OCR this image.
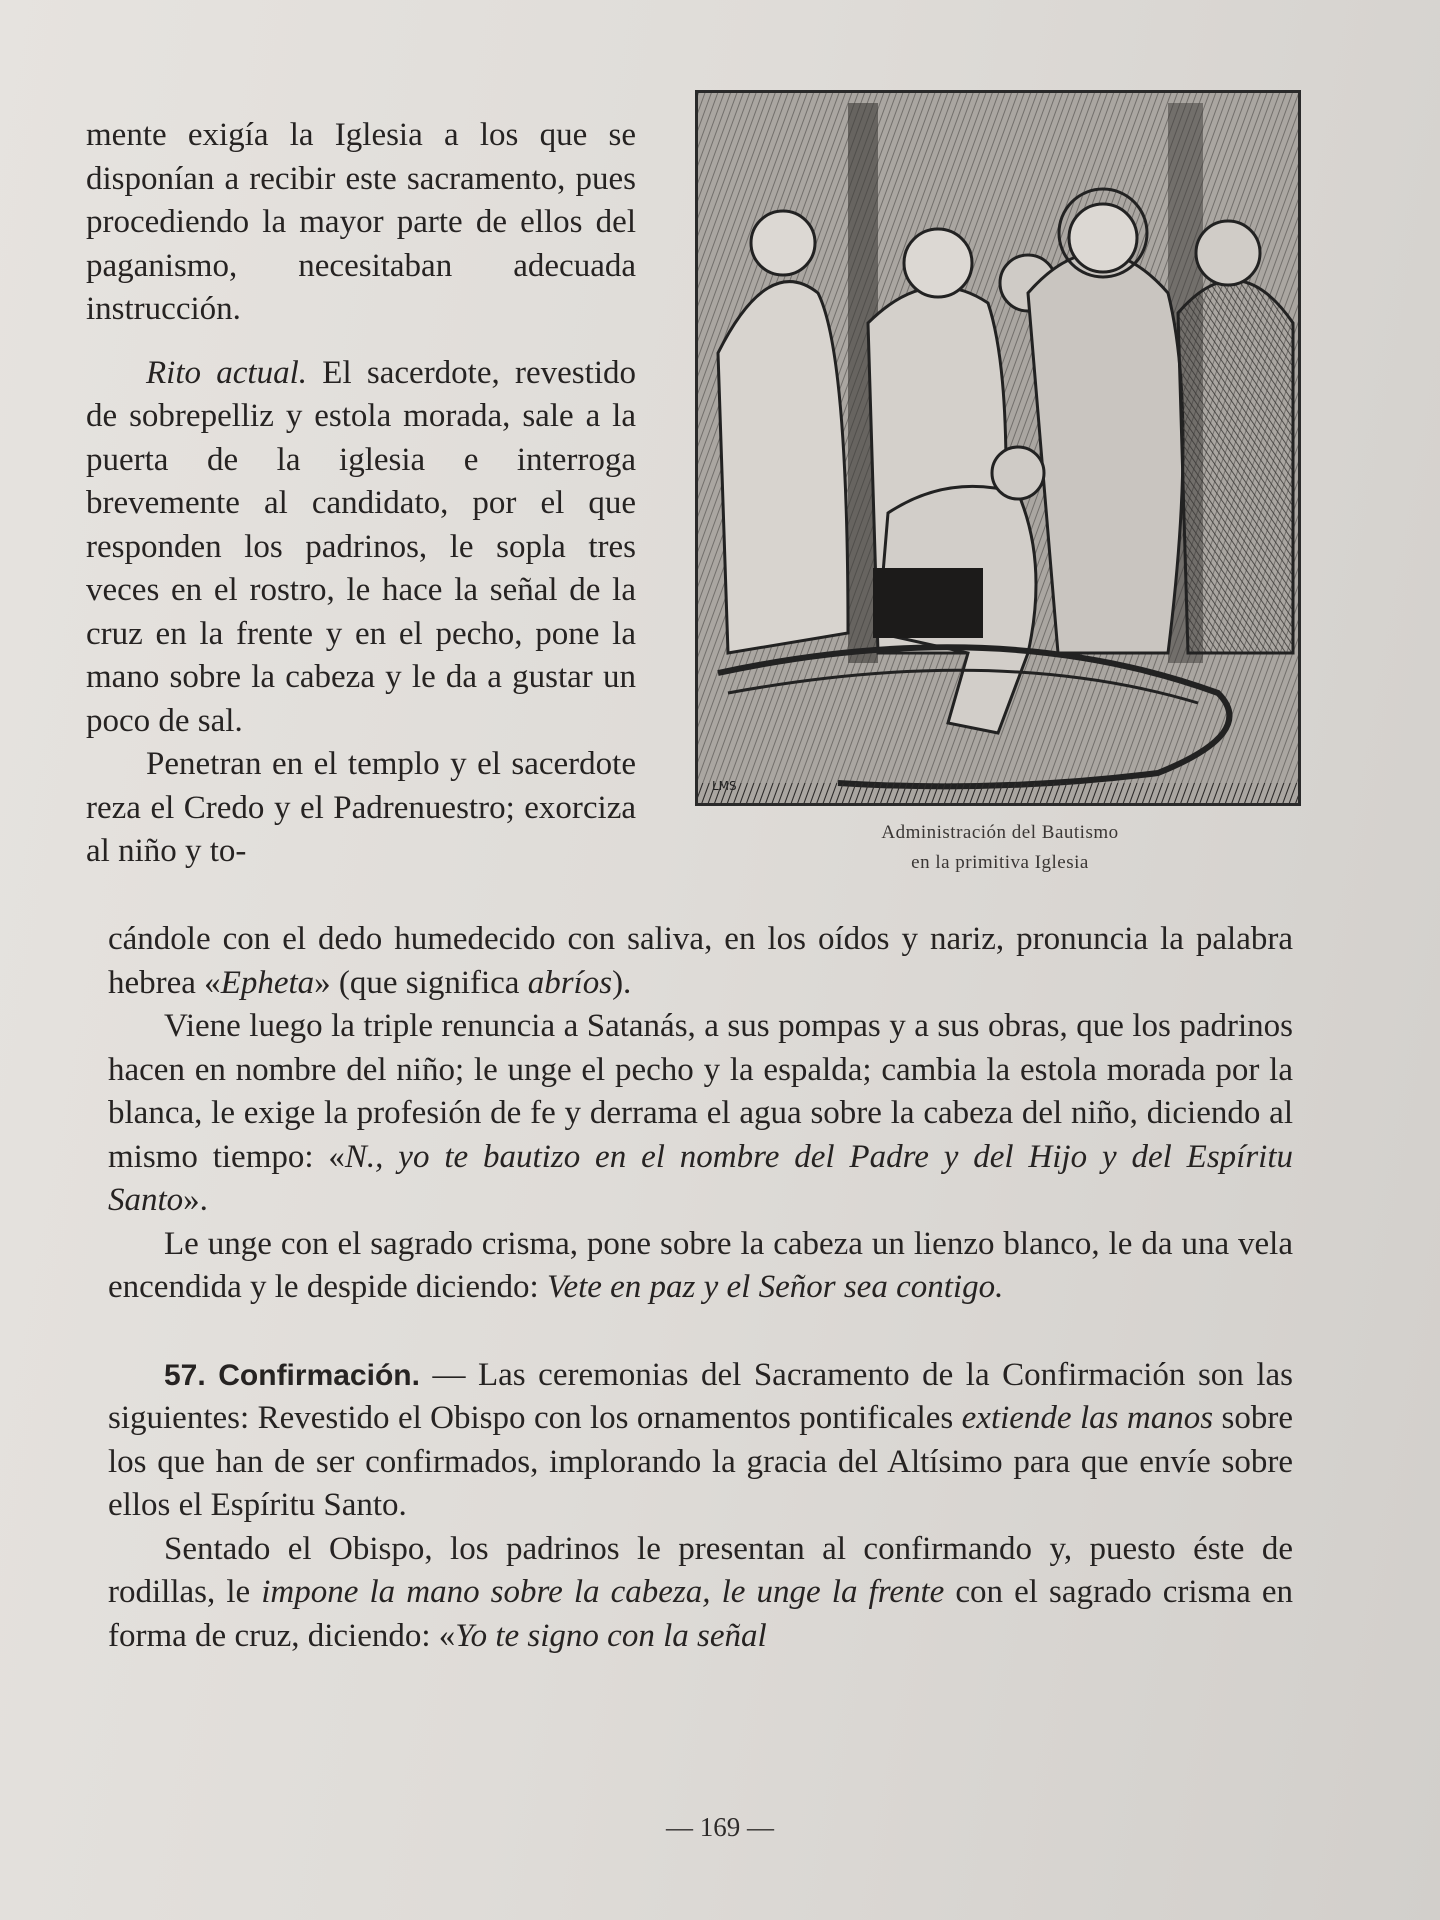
mente exigía la Iglesia a los que se disponían a recibir este sacramento, pues procediendo la mayor parte de ellos del paganismo, necesitaban adecuada instrucción.

Rito actual. El sacerdote, revestido de sobrepelliz y estola morada, sale a la puerta de la iglesia e interroga brevemente al candidato, por el que responden los padrinos, le sopla tres veces en el rostro, le hace la señal de la cruz en la frente y en el pecho, pone la mano sobre la cabeza y le da a gustar un poco de sal.

Penetran en el templo y el sacerdote reza el Credo y el Padrenuestro; exorciza al niño y to-

LMS
Administración del Bautismo
en la primitiva Iglesia

cándole con el dedo humedecido con saliva, en los oídos y nariz, pronuncia la palabra hebrea «Epheta» (que significa abríos).

Viene luego la triple renuncia a Satanás, a sus pompas y a sus obras, que los padrinos hacen en nombre del niño; le unge el pecho y la espalda; cambia la estola morada por la blanca, le exige la profesión de fe y derrama el agua sobre la cabeza del niño, diciendo al mismo tiempo: «N., yo te bautizo en el nombre del Padre y del Hijo y del Espíritu Santo».

Le unge con el sagrado crisma, pone sobre la cabeza un lienzo blanco, le da una vela encendida y le despide diciendo: Vete en paz y el Señor sea contigo.

57. Confirmación. — Las ceremonias del Sacramento de la Confirmación son las siguientes: Revestido el Obispo con los ornamentos pontificales extiende las manos sobre los que han de ser confirmados, implorando la gracia del Altísimo para que envíe sobre ellos el Espíritu Santo.

Sentado el Obispo, los padrinos le presentan al confirmando y, puesto éste de rodillas, le impone la mano sobre la cabeza, le unge la frente con el sagrado crisma en forma de cruz, diciendo: «Yo te signo con la señal

— 169 —
